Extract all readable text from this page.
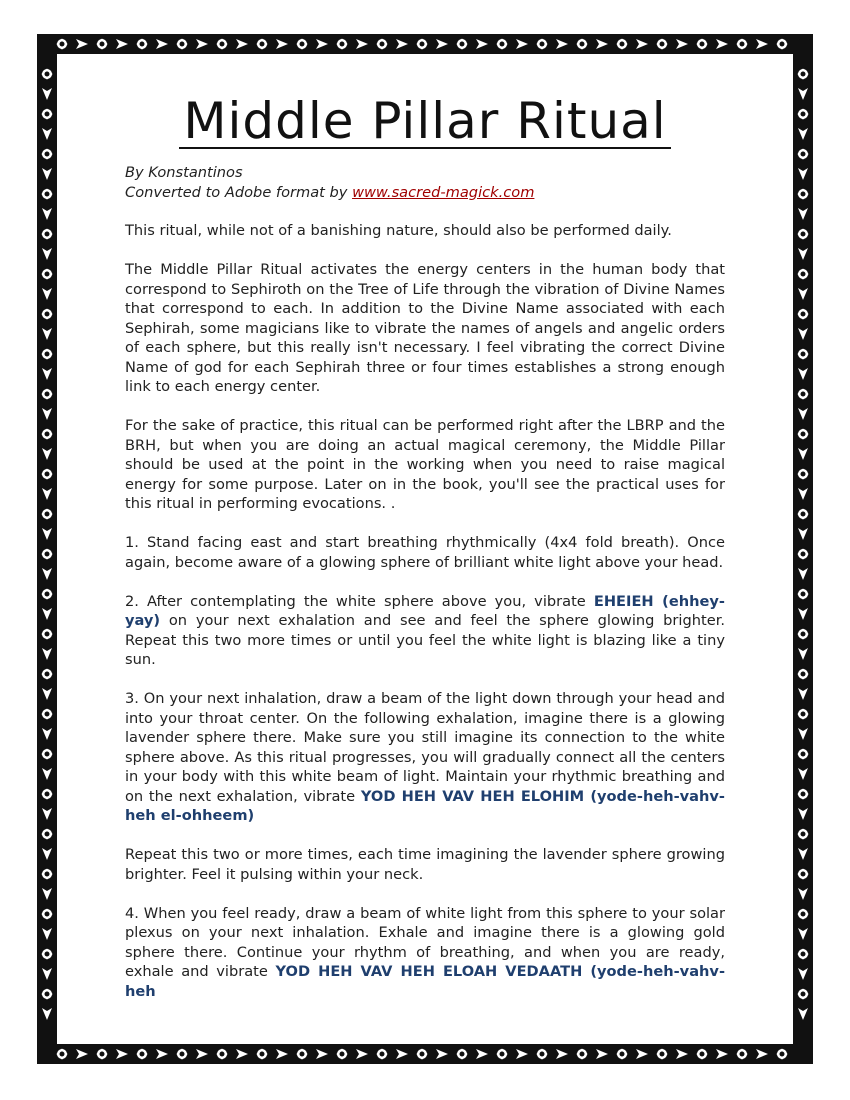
Middle Pillar Ritual
By Konstantinos
Converted to Adobe format by www.sacred-magick.com

This ritual, while not of a banishing nature, should also be performed daily.

The Middle Pillar Ritual activates the energy centers in the human body that correspond to Sephiroth on the Tree of Life through the vibration of Divine Names that correspond to each. In addition to the Divine Name associated with each Sephirah, some magicians like to vibrate the names of angels and angelic orders of each sphere, but this really isn't necessary. I feel vibrating the correct Divine Name of god for each Sephirah three or four times establishes a strong enough link to each energy center.

For the sake of practice, this ritual can be performed right after the LBRP and the BRH, but when you are doing an actual magical ceremony, the Middle Pillar should be used at the point in the working when you need to raise magical energy for some purpose. Later on in the book, you'll see the practical uses for this ritual in performing evocations. .

1. Stand facing east and start breathing rhythmically (4x4 fold breath). Once again, become aware of a glowing sphere of brilliant white light above your head.

2. After contemplating the white sphere above you, vibrate EHEIEH (ehhey-yay) on your next exhalation and see and feel the sphere glowing brighter. Repeat this two more times or until you feel the white light is blazing like a tiny sun.

3. On your next inhalation, draw a beam of the light down through your head and into your throat center. On the following exhalation, imagine there is a glowing lavender sphere there. Make sure you still imagine its connection to the white sphere above. As this ritual progresses, you will gradually connect all the centers in your body with this white beam of light. Maintain your rhythmic breathing and on the next exhalation, vibrate YOD HEH VAV HEH ELOHIM (yode-heh-vahv-heh el-ohheem)

Repeat this two or more times, each time imagining the lavender sphere growing brighter. Feel it pulsing within your neck.

4. When you feel ready, draw a beam of white light from this sphere to your solar plexus on your next inhalation. Exhale and imagine there is a glowing gold sphere there. Continue your rhythm of breathing, and when you are ready, exhale and vibrate YOD HEH VAV HEH ELOAH VEDAATH (yode-heh-vahv-heh
